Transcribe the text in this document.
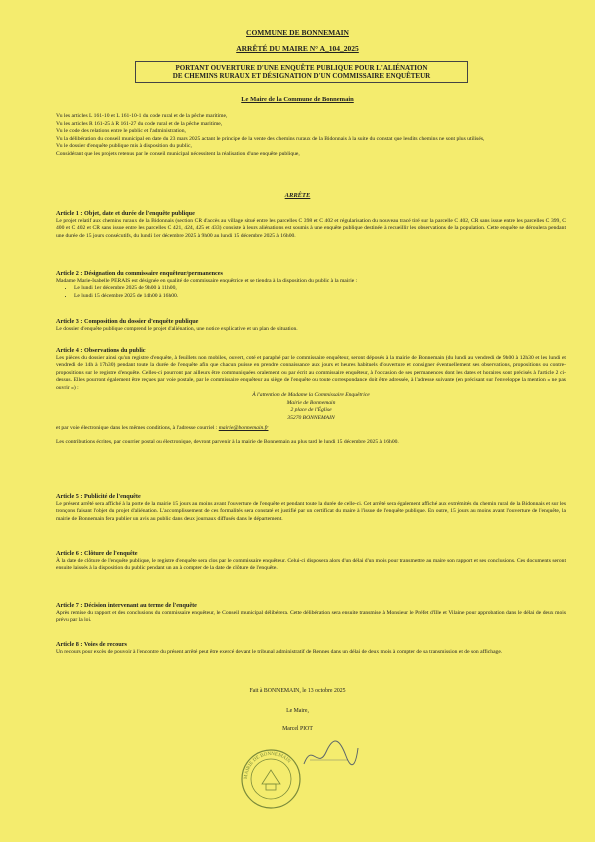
COMMUNE DE BONNEMAIN
ARRÊTÉ DU MAIRE N° A_104_2025
PORTANT OUVERTURE D'UNE ENQUÊTE PUBLIQUE POUR L'ALIÉNATION
DE CHEMINS RURAUX ET DÉSIGNATION D'UN COMMISSAIRE ENQUÊTEUR
Le Maire de la Commune de Bonnemain

Vu les articles L 161-10 et L 161-10-1 du code rural et de la pêche maritime,

Vu les articles R 161-25 à R 161-27 du code rural et de la pêche maritime,

Vu le code des relations entre le public et l'administration,

Vu la délibération du conseil municipal en date du 23 mars 2025 actant le principe de la vente des chemins ruraux de la Bidonnais à la suite du constat que lesdits chemins ne sont plus utilisés,

Vu le dossier d'enquête publique mis à disposition du public,

Considérant que les projets retenus par le conseil municipal nécessitent la réalisation d'une enquête publique,

ARRÊTE

Article 1 : Objet, date et durée de l'enquête publique

Le projet relatif aux chemins ruraux de la Bidonnais (section CR d'accès au village situé entre les parcelles C 398 et C 402 et régularisation du nouveau tracé tiré sur la parcelle C 402, CR sans issue entre les parcelles C 399, C 400 et C 402 et CR sans issue entre les parcelles C 421, 424, 425 et 433) consiste à leurs aliénations est soumis à une enquête publique destinée à recueillir les observations de la population. Cette enquête se déroulera pendant une durée de 15 jours consécutifs, du lundi 1er décembre 2025 à 9h00 au lundi 15 décembre 2025 à 16h00.

Article 2 : Désignation du commissaire enquêteur/permanences

Madame Marie-Isabelle PERAIS est désignée en qualité de commissaire enquêtrice et se tiendra à la disposition du public à la mairie :

• Le lundi 1er décembre 2025 de 9h00 à 11h00,
• Le lundi 15 décembre 2025 de 14h00 à 16h00.

Article 3 : Composition du dossier d'enquête publique

Le dossier d'enquête publique comprend le projet d'aliénation, une notice explicative et un plan de situation.

Article 4 : Observations du public

Les pièces du dossier ainsi qu'un registre d'enquête, à feuillets non mobiles, ouvert, coté et paraphé par le commissaire enquêteur, seront déposés à la mairie de Bonnemain (du lundi au vendredi de 9h00 à 12h30 et les lundi et vendredi de 14h à 17h30) pendant toute la durée de l'enquête afin que chacun puisse en prendre connaissance aux jours et heures habituels d'ouverture et consigner éventuellement ses observations, propositions ou contre-propositions sur le registre d'enquête. Celles-ci pourront par ailleurs être communiquées oralement ou par écrit au commissaire enquêteur, à l'occasion de ses permanences dont les dates et horaires sont précisés à l'article 2 ci-dessus. Elles pourront également être reçues par voie postale, par le commissaire enquêteur au siège de l'enquête ou toute correspondance doit être adressée, à l'adresse suivante (en précisant sur l'enveloppe la mention « ne pas ouvrir ») :

À l'attention de Madame la Commissaire Enquêtrice
Mairie de Bonnemain
2 place de l'Église
35270 BONNEMAIN

et par voie électronique dans les mêmes conditions, à l'adresse courriel : mairie@bonnemain.fr

Les contributions écrites, par courrier postal ou électronique, devront parvenir à la mairie de Bonnemain au plus tard le lundi 15 décembre 2025 à 16h00.

Article 5 : Publicité de l'enquête

Le présent arrêté sera affiché à la porte de la mairie 15 jours au moins avant l'ouverture de l'enquête et pendant toute la durée de celle-ci. Cet arrêté sera également affiché aux extrémités du chemin rural de la Bidonnais et sur les tronçons faisant l'objet du projet d'aliénation. L'accomplissement de ces formalités sera constaté et justifié par un certificat du maire à l'issue de l'enquête publique. En outre, 15 jours au moins avant l'ouverture de l'enquête, la mairie de Bonnemain fera publier un avis au public dans deux journaux diffusés dans le département.

Article 6 : Clôture de l'enquête

À la date de clôture de l'enquête publique, le registre d'enquête sera clos par le commissaire enquêteur. Celui-ci disposera alors d'un délai d'un mois pour transmettre au maire son rapport et ses conclusions. Ces documents seront ensuite laissés à la disposition du public pendant un an à compter de la date de clôture de l'enquête.

Article 7 : Décision intervenant au terme de l'enquête

Après remise du rapport et des conclusions du commissaire enquêteur, le Conseil municipal délibérera. Cette délibération sera ensuite transmise à Monsieur le Préfet d'Ille et Vilaine pour approbation dans le délai de deux mois prévu par la loi.

Article 8 : Voies de recours

Un recours pour excès de pouvoir à l'encontre du présent arrêté peut être exercé devant le tribunal administratif de Rennes dans un délai de deux mois à compter de sa transmission et de son affichage.

Fait à BONNEMAIN, le 13 octobre 2025
Le Maire,
Marcel PIOT
MAIRIE DE BONNEMAIN
